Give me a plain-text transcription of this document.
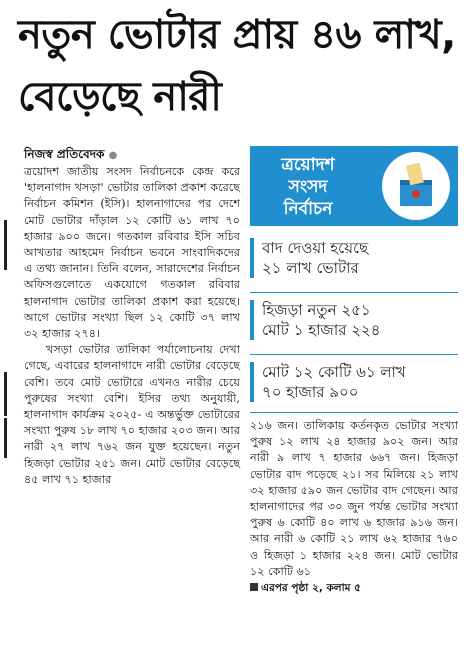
নতুন ভোটার প্রায় ৪৬ লাখ, বেড়েছে নারী
নিজস্ব প্রতিবেদক ●

ত্রয়োদশ জাতীয় সংসদ নির্বাচনকে কেন্দ্র করে 'হালনাগাদ খসড়া' ভোটার তালিকা প্রকাশ করেছে নির্বাচন কমিশন (ইসি)। হালনাগাদের পর দেশে মোট ভোটার দাঁড়াল ১২ কোটি ৬১ লাখ ৭০ হাজার ৯০০ জনে। গতকাল রবিবার ইসি সচিব আখতার আহমেদ নির্বাচন ভবনে সাংবাদিকদের এ তথ্য জানান। তিনি বলেন, সারাদেশের নির্বাচন অফিসগুলোতে একযোগে গতকাল রবিবার হালনাগাদ ভোটার তালিকা প্রকাশ করা হয়েছে। আগে ভোটার সংখ্যা ছিল ১২ কোটি ৩৭ লাখ ৩২ হাজার ২৭৪।

খসড়া ভোটার তালিকা পর্যালোচনায় দেখা গেছে, এবারের হালনাগাদে নারী ভোটার বেড়েছে বেশি। তবে মোট ভোটারে এখনও নারীর চেয়ে পুরুষের সংখ্যা বেশি। ইসির তথ্য অনুযায়ী, হালনাগাদ কার্যক্রম ২০২৫- এ অন্তর্ভুক্ত ভোটারের সংখ্যা পুরুষ ১৮ লাখ ৭০ হাজার ২০৩ জন। আর নারী ২৭ লাখ ৭৬২ জন যুক্ত হয়েছেন। নতুন হিজড়া ভোটার ২৫১ জন। মোট ভোটার বেড়েছে ৪৫ লাখ ৭১ হাজার

ত্রয়োদশ
সংসদ
নির্বাচন
বাদ দেওয়া হয়েছে
২১ লাখ ভোটার
হিজড়া নতুন ২৫১
মোট ১ হাজার ২২৪
মোট ১২ কোটি ৬১ লাখ
৭০ হাজার ৯০০

২১৬ জন। তালিকায় কর্তনকৃত ভোটার সংখ্যা পুরুষ ১২ লাখ ২৪ হাজার ৯০২ জন। আর নারী ৯ লাখ ৭ হাজার ৬৬৭ জন। হিজড়া ভোটার বাদ পড়েছে ২১। সব মিলিয়ে ২১ লাখ ৩২ হাজার ৫৯০ জন ভোটার বাদ গেছেন। আর হালনাগাদের পর ৩০ জুন পর্যন্ত ভোটার সংখ্যা পুরুষ ৬ কোটি ৪০ লাখ ৬ হাজার ৯১৬ জন। আর নারী ৬ কোটি ২১ লাখ ৬২ হাজার ৭৬০ ও হিজড়া ১ হাজার ২২৪ জন। মোট ভোটার ১২ কোটি ৬১

এরপর পৃষ্ঠা ২, কলাম ৫
